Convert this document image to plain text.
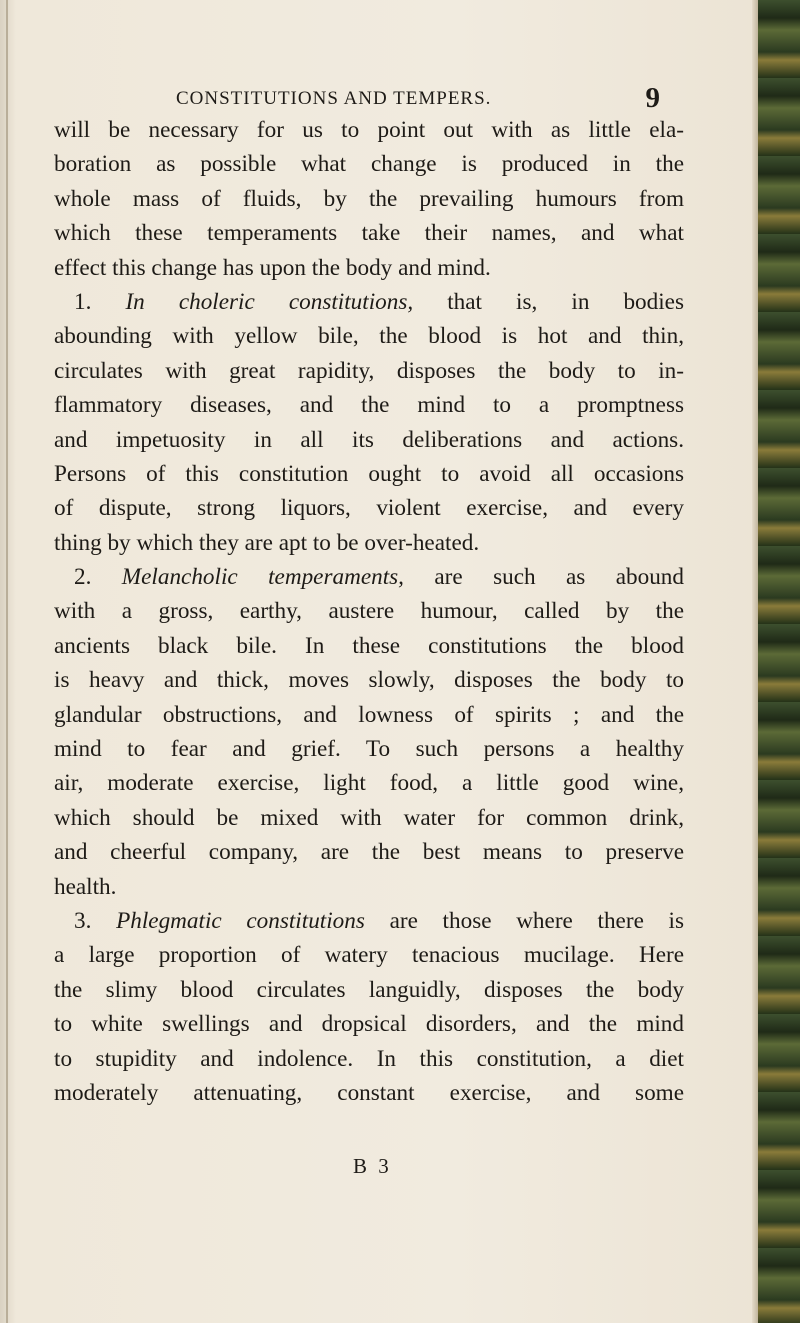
CONSTITUTIONS AND TEMPERS.	9
will be necessary for us to point out with as little ela-
boration as possible what change is produced in the
whole mass of fluids, by the prevailing humours from
which these temperaments take their names, and what
effect this change has upon the body and mind.
1. In choleric constitutions, that is, in bodies
abounding with yellow bile, the blood is hot and thin,
circulates with great rapidity, disposes the body to in-
flammatory diseases, and the mind to a promptness
and impetuosity in all its deliberations and actions.
Persons of this constitution ought to avoid all occasions
of dispute, strong liquors, violent exercise, and every
thing by which they are apt to be over-heated.
2. Melancholic temperaments, are such as abound
with a gross, earthy, austere humour, called by the
ancients black bile. In these constitutions the blood
is heavy and thick, moves slowly, disposes the body to
glandular obstructions, and lowness of spirits ; and the
mind to fear and grief. To such persons a healthy
air, moderate exercise, light food, a little good wine,
which should be mixed with water for common drink,
and cheerful company, are the best means to preserve
health.
3. Phlegmatic constitutions are those where there is
a large proportion of watery tenacious mucilage. Here
the slimy blood circulates languidly, disposes the body
to white swellings and dropsical disorders, and the mind
to stupidity and indolence. In this constitution, a diet
moderately attenuating, constant exercise, and some
B 3
